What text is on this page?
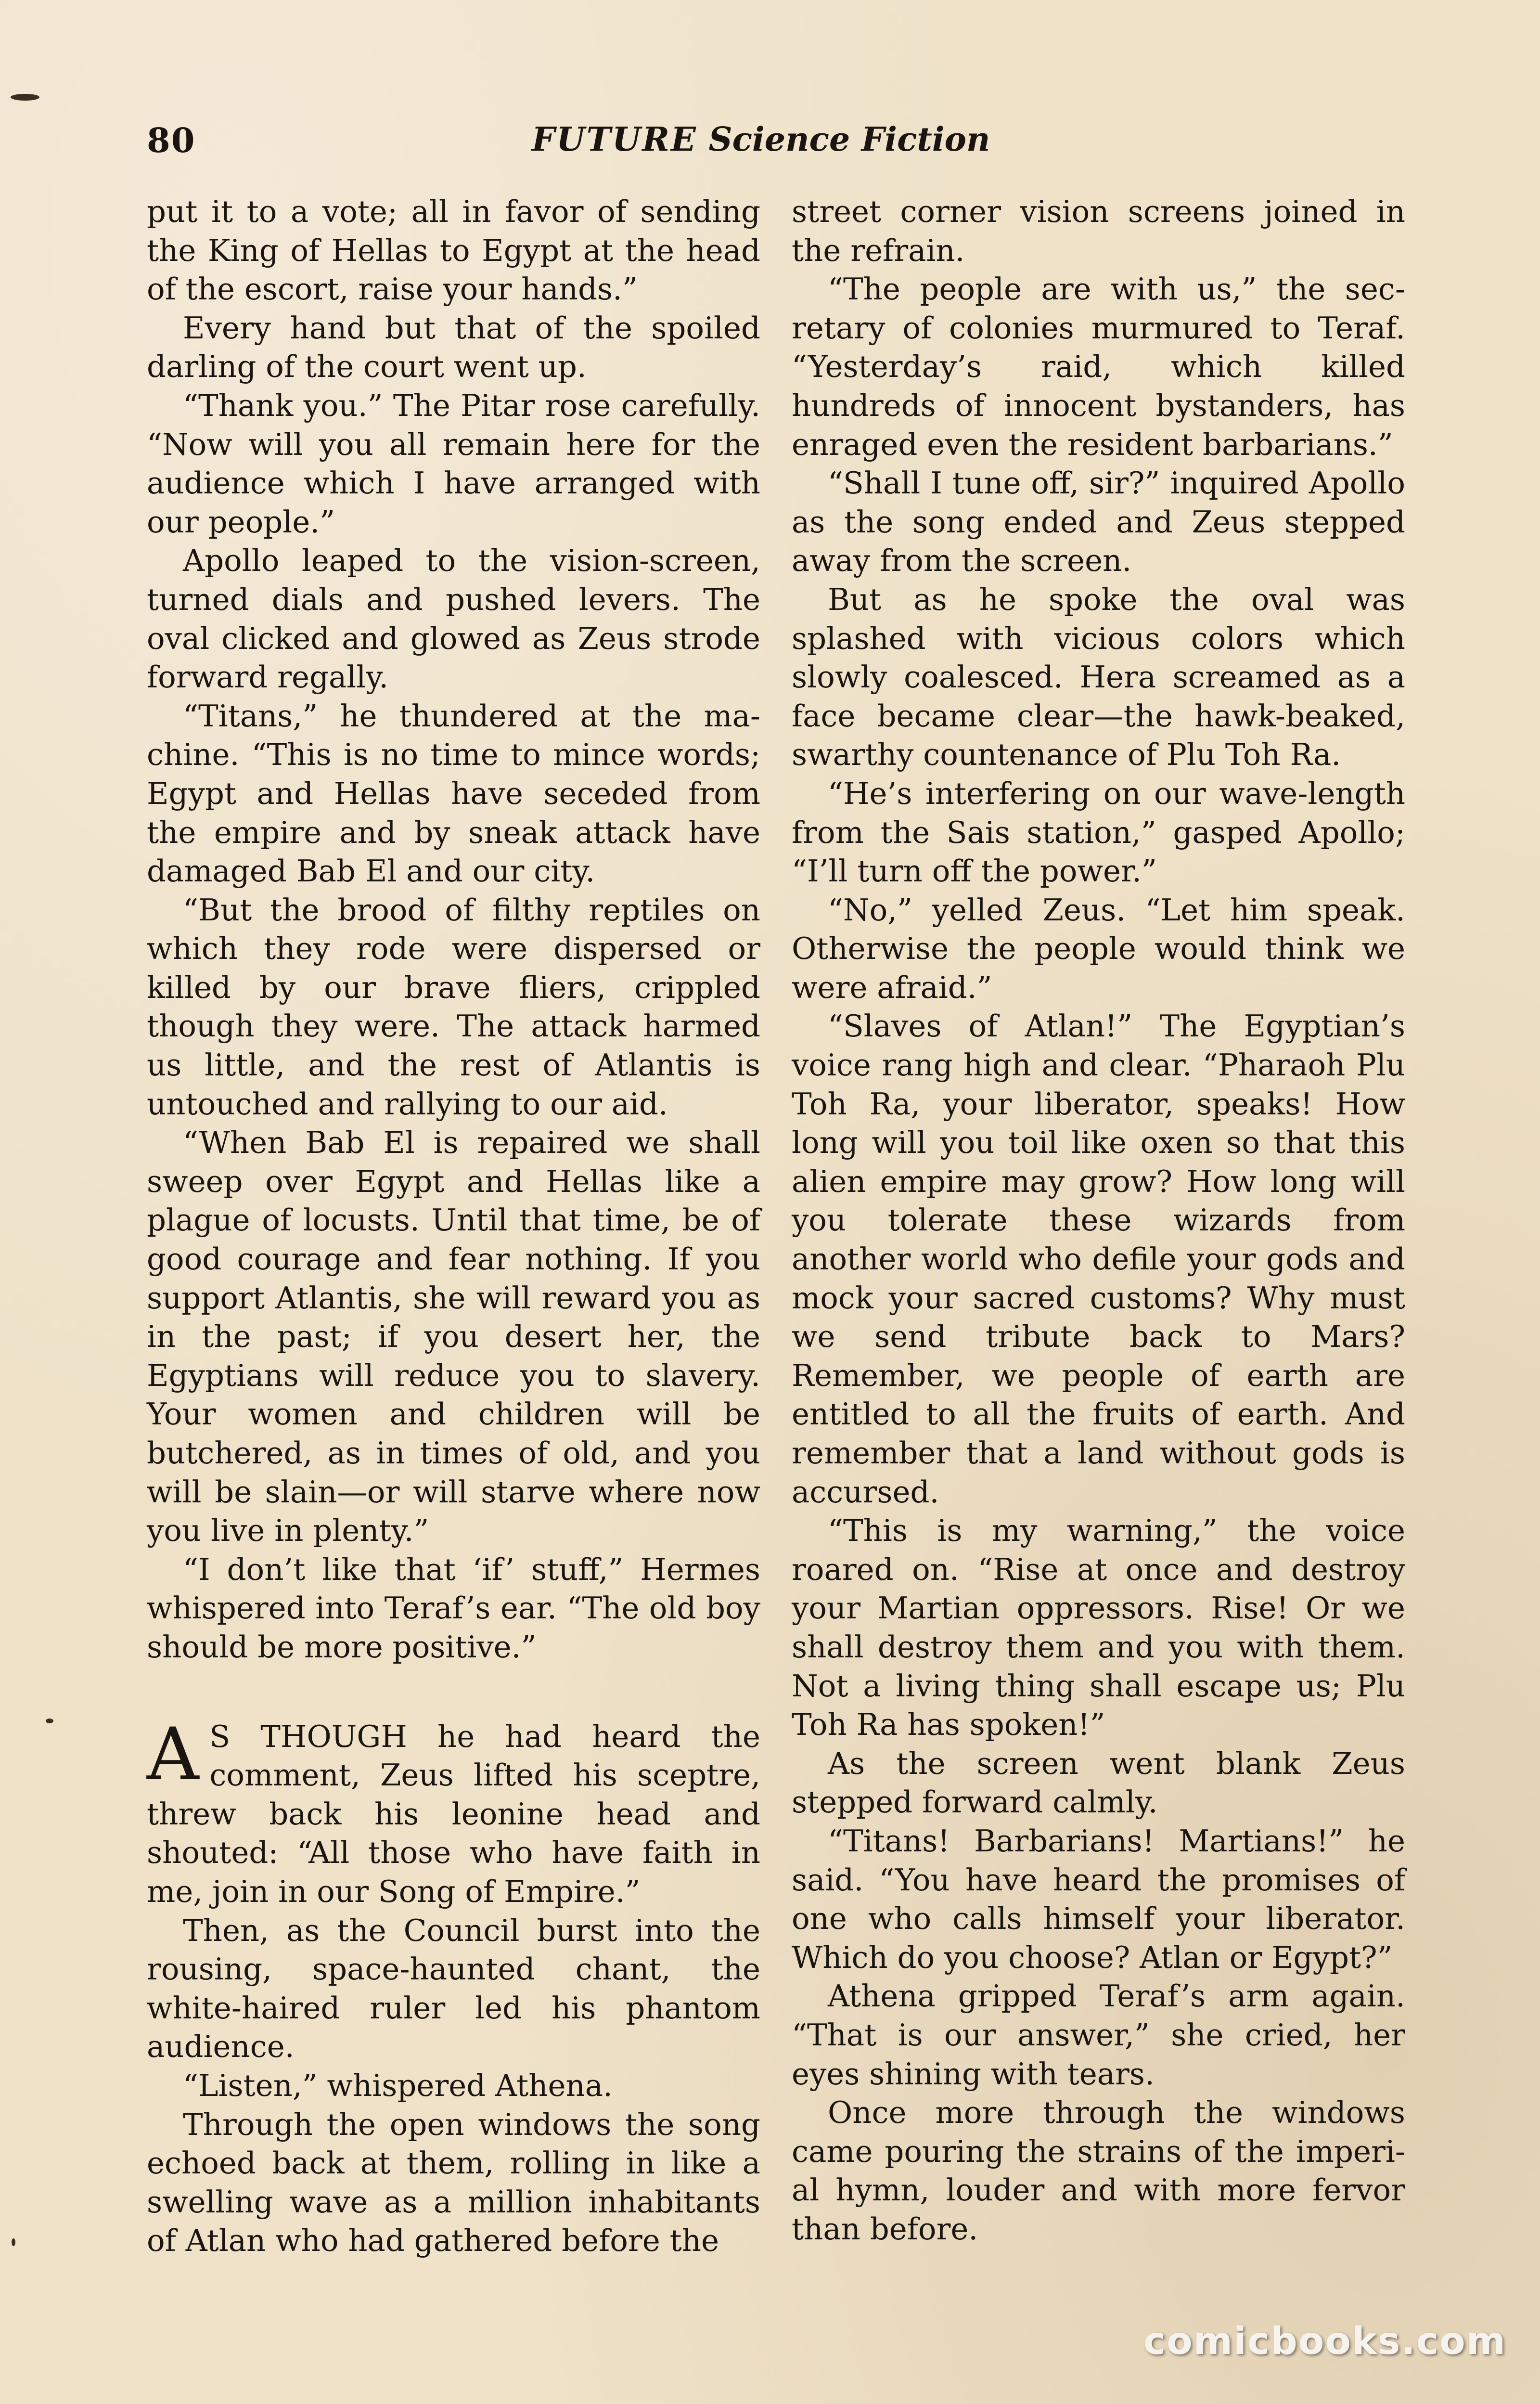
80	FUTURE Science Fiction

put it to a vote; all in favor of sending the King of Hellas to Egypt at the head of the escort, raise your hands.”

Every hand but that of the spoiled darling of the court went up.

“Thank you.” The Pitar rose carefully. “Now will you all remain here for the audience which I have arranged with our people.”

Apollo leaped to the vision-screen, turned dials and pushed levers. The oval clicked and glowed as Zeus strode forward regally.

“Titans,” he thundered at the machine. “This is no time to mince words; Egypt and Hellas have seceded from the empire and by sneak attack have damaged Bab El and our city.

“But the brood of filthy reptiles on which they rode were dispersed or killed by our brave fliers, crippled though they were. The attack harmed us little, and the rest of Atlantis is untouched and rallying to our aid.

“When Bab El is repaired we shall sweep over Egypt and Hellas like a plague of locusts. Until that time, be of good courage and fear nothing. If you support Atlantis, she will reward you as in the past; if you desert her, the Egyptians will reduce you to slavery. Your women and children will be butchered, as in times of old, and you will be slain—or will starve where now you live in plenty.”

“I don’t like that ‘if’ stuff,” Hermes whispered into Teraf’s ear. “The old boy should be more positive.”

A S THOUGH he had heard the comment, Zeus lifted his sceptre, threw back his leonine head and shouted: “All those who have faith in me, join in our Song of Empire.”

Then, as the Council burst into the rousing, space-haunted chant, the white-haired ruler led his phantom audience.

“Listen,” whispered Athena.

Through the open windows the song echoed back at them, rolling in like a swelling wave as a million inhabitants of Atlan who had gathered before the

street corner vision screens joined in the refrain.

“The people are with us,” the secretary of colonies murmured to Teraf. “Yesterday’s raid, which killed hundreds of innocent bystanders, has enraged even the resident barbarians.”

“Shall I tune off, sir?” inquired Apollo as the song ended and Zeus stepped away from the screen.

But as he spoke the oval was splashed with vicious colors which slowly coalesced. Hera screamed as a face became clear—the hawk-beaked, swarthy countenance of Plu Toh Ra.

“He’s interfering on our wave-length from the Sais station,” gasped Apollo; “I’ll turn off the power.”

“No,” yelled Zeus. “Let him speak. Otherwise the people would think we were afraid.”

“Slaves of Atlan!” The Egyptian’s voice rang high and clear. “Pharaoh Plu Toh Ra, your liberator, speaks! How long will you toil like oxen so that this alien empire may grow? How long will you tolerate these wizards from another world who defile your gods and mock your sacred customs? Why must we send tribute back to Mars? Remember, we people of earth are entitled to all the fruits of earth. And remember that a land without gods is accursed.

“This is my warning,” the voice roared on. “Rise at once and destroy your Martian oppressors. Rise! Or we shall destroy them and you with them. Not a living thing shall escape us; Plu Toh Ra has spoken!”

As the screen went blank Zeus stepped forward calmly.

“Titans! Barbarians! Martians!” he said. “You have heard the promises of one who calls himself your liberator. Which do you choose? Atlan or Egypt?”

Athena gripped Teraf’s arm again. “That is our answer,” she cried, her eyes shining with tears.

Once more through the windows came pouring the strains of the imperial hymn, louder and with more fervor than before.

comicbooks.com
